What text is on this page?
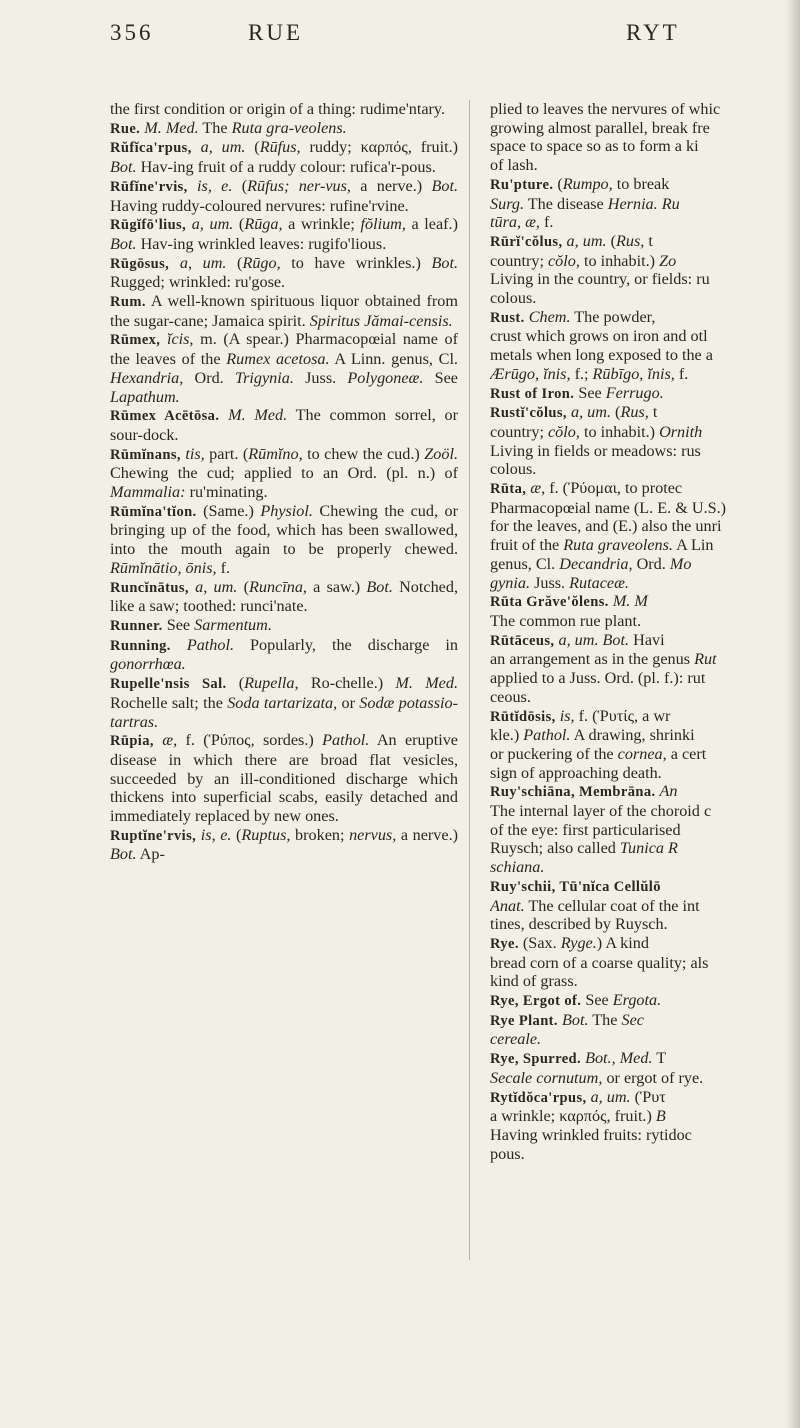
356	RUE	RYT

the first condition or origin of a thing: rudime'ntary.

Rue. M. Med. The Ruta gra-veolens.

Rŭfĭca'rpus, a, um. (Rūfus, ruddy; καρπός, fruit.) Bot. Hav-ing fruit of a ruddy colour: rufica'r-pous.

Rūfĭne'rvis, is, e. (Rūfus; ner-vus, a nerve.) Bot. Having ruddy-coloured nervures: rufine'rvine.

Rūgĭfō'lius, a, um. (Rūga, a wrinkle; fŏlium, a leaf.) Bot. Hav-ing wrinkled leaves: rugifo'lious.

Rūgōsus, a, um. (Rūgo, to have wrinkles.) Bot. Rugged; wrinkled: ru'gose.

Rum. A well-known spirituous liquor obtained from the sugar-cane; Jamaica spirit. Spiritus Jămai-censis.

Rūmex, ĭcis, m. (A spear.) Pharmacopœial name of the leaves of the Rumex acetosa. A Linn. genus, Cl. Hexandria, Ord. Trigynia. Juss. Polygoneæ. See Lapathum.

Rūmex Acētōsa. M. Med. The common sorrel, or sour-dock.

Rūmĭnans, tis, part. (Rūmĭno, to chew the cud.) Zoöl. Chewing the cud; applied to an Ord. (pl. n.) of Mammalia: ru'minating.

Rūmĭna'tĭon. (Same.) Physiol. Chewing the cud, or bringing up of the food, which has been swallowed, into the mouth again to be properly chewed. Rūmĭnātio, ōnis, f.

Runcĭnātus, a, um. (Runcīna, a saw.) Bot. Notched, like a saw; toothed: runci'nate.

Runner. See Sarmentum.

Running. Pathol. Popularly, the discharge in gonorrhœa.

Rupelle'nsis Sal. (Rupella, Ro-chelle.) M. Med. Rochelle salt; the Soda tartarizata, or Sodæ potassio-tartras.

Rūpia, æ, f. (Ῥύπος, sordes.) Pathol. An eruptive disease in which there are broad flat vesicles, succeeded by an ill-conditioned discharge which thickens into superficial scabs, easily detached and immediately replaced by new ones.

Ruptĭne'rvis, is, e. (Ruptus, broken; nervus, a nerve.) Bot. Ap-

plied to leaves the nervures of whic

growing almost parallel, break fre

space to space so as to form a ki

of lash.

Ru'pture. (Rumpo, to break

Surg. The disease Hernia. Ru

tūra, æ, f.

Rūrĭ'cŏlus, a, um. (Rus, t

country; cŏlo, to inhabit.) Zo

Living in the country, or fields: ru

colous.

Rust. Chem. The powder,

crust which grows on iron and otl

metals when long exposed to the a

Ærūgo, ĭnis, f.; Rūbīgo, ĭnis, f.

Rust of Iron. See Ferrugo.

Rustĭ'cŏlus, a, um. (Rus, t

country; cŏlo, to inhabit.) Ornith

Living in fields or meadows: rus

colous.

Rūta, æ, f. (Ῥύομαι, to protec

Pharmacopœial name (L. E. & U.S.)

for the leaves, and (E.) also the unri

fruit of the Ruta graveolens. A Lin

genus, Cl. Decandria, Ord. Mo

gynia. Juss. Rutaceæ.

Rūta Grăve'ŏlens. M. M

The common rue plant.

Rūtāceus, a, um. Bot. Havi

an arrangement as in the genus Rut

applied to a Juss. Ord. (pl. f.): rut

ceous.

Rūtĭdōsis, is, f. (Ῥυτίς, a wr

kle.) Pathol. A drawing, shrinki

or puckering of the cornea, a cert

sign of approaching death.

Ruy'schiāna, Membrāna. An

The internal layer of the choroid c

of the eye: first particularised

Ruysch; also called Tunica R

schiana.

Ruy'schii, Tū'nĭca Cellŭlō

Anat. The cellular coat of the int

tines, described by Ruysch.

Rye. (Sax. Ryge.) A kind

bread corn of a coarse quality; als

kind of grass.

Rye, Ergot of. See Ergota.

Rye Plant. Bot. The Sec

cereale.

Rye, Spurred. Bot., Med. T

Secale cornutum, or ergot of rye.

Rytĭdŏca'rpus, a, um. (Ῥυτ

a wrinkle; καρπός, fruit.) B

Having wrinkled fruits: rytidoc

pous.
